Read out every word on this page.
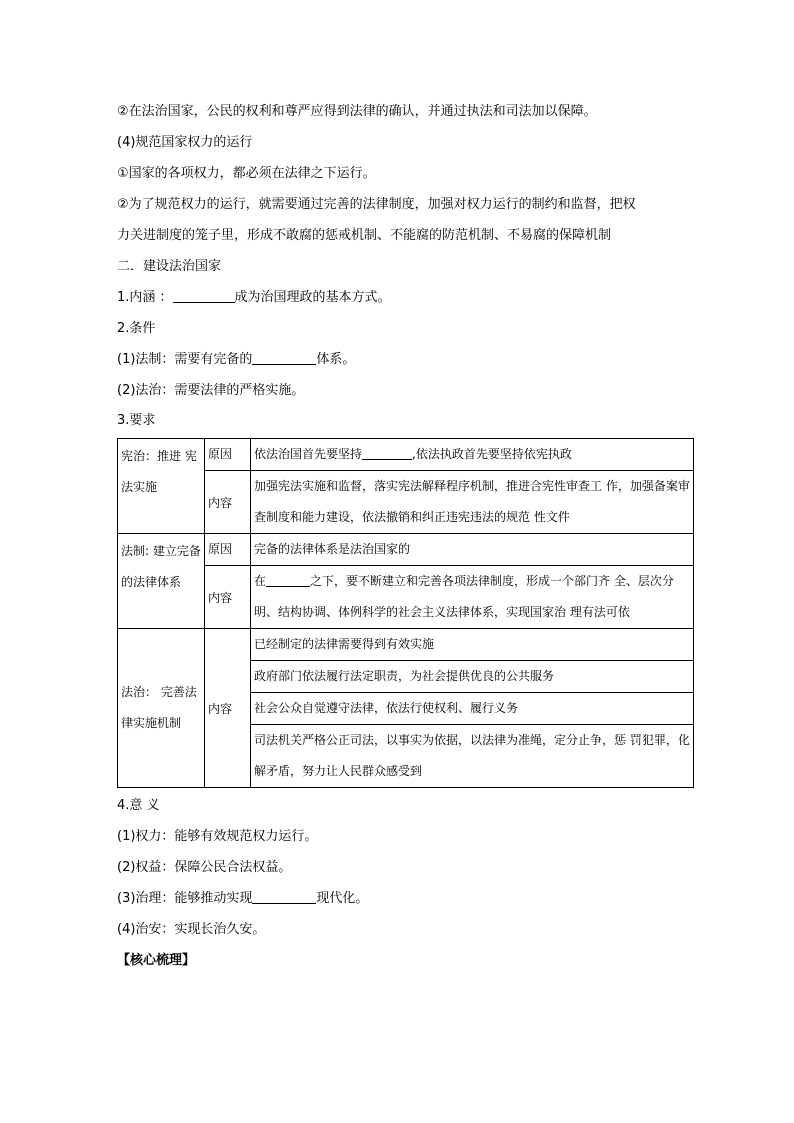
②在法治国家，公民的权利和尊严应得到法律的确认，并通过执法和司法加以保障。
(4)规范国家权力的运行
①国家的各项权力，都必须在法律之下运行。
②为了规范权力的运行，就需要通过完善的法律制度，加强对权力运行的制约和监督，把权
力关进制度的笼子里，形成不敢腐的惩戒机制、不能腐的防范机制、不易腐的保障机制
二．建设法治国家
1.内涵 ：	成为治国理政的基本方式。
2.条件
(1)法制：需要有完备的	体系。
(2)法治：需要法律的严格实施。
3.要求
宪治：推进 宪法实施	原因	依法治国首先要坚持 ,依法执政首先要坚持依宪执政
	内容	加强宪法实施和监督，落实宪法解释程序机制，推进合宪性审查工 作，加强备案审查制度和能力建设，依法撤销和纠正违宪违法的规范 性文件

法制: 建立完备的法律体系	原因	完备的法律体系是法治国家的
	内容	在 之下，要不断建立和完善各项法律制度，形成一个部门齐 全、层次分明、结构协调、体例科学的社会主义法律体系，实现国家治 理有法可依

法治： 完善法律实施机制	内容	已经制定的法律需要得到有效实施
		政府部门依法履行法定职责，为社会提供优良的公共服务
		社会公众自觉遵守法律，依法行使权利、履行义务
		司法机关严格公正司法，以事实为依据，以法律为准绳，定分止争，惩 罚犯罪，化解矛盾，努力让人民群众感受到
4.意 义
(1)权力：能够有效规范权力运行。
(2)权益：保障公民合法权益。
(3)治理：能够推动实现	现代化。
(4)治安：实现长治久安。
【核心梳理】
